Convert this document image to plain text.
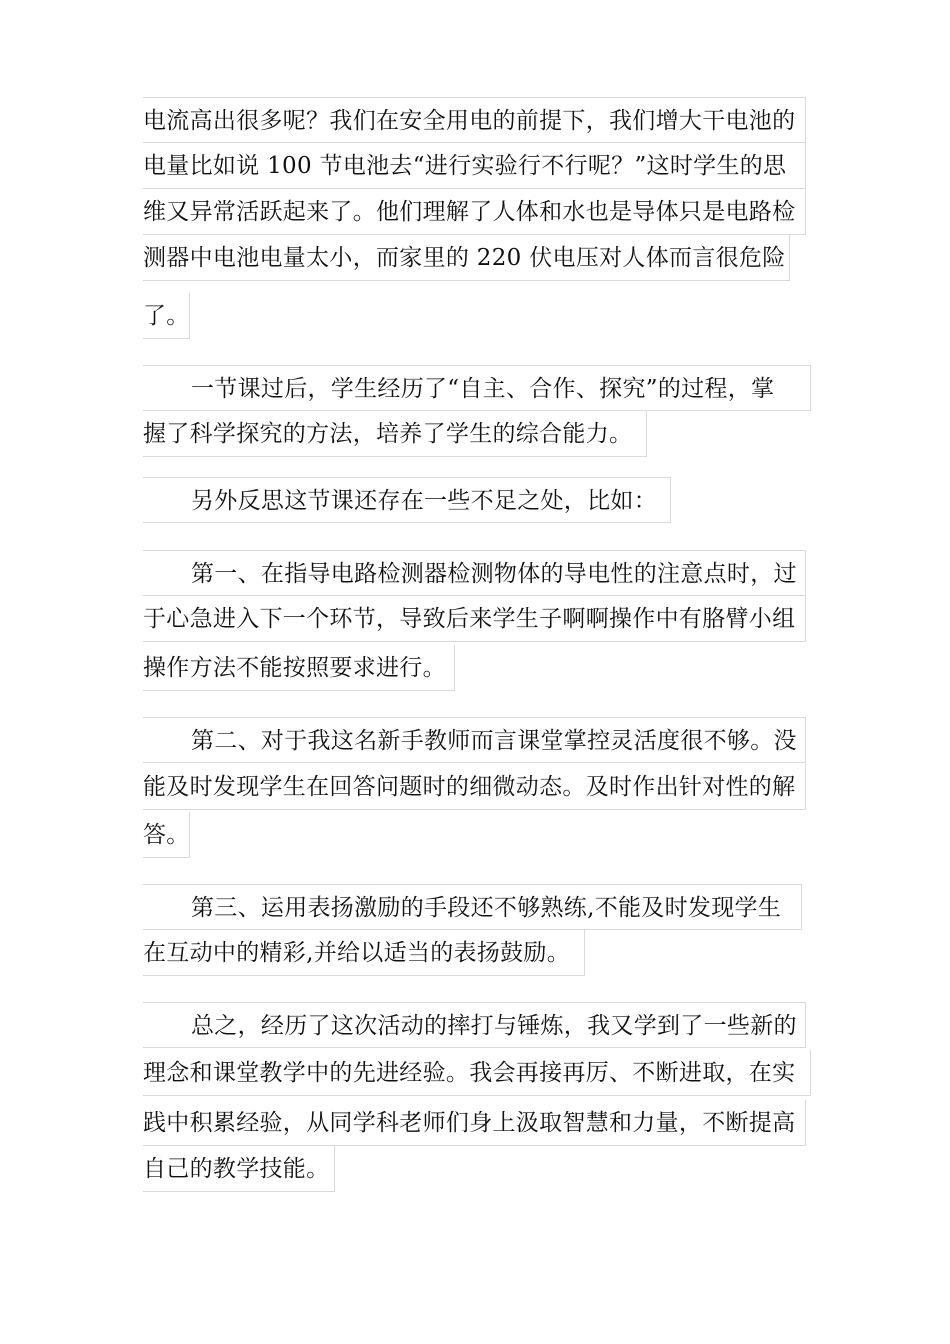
电流高出很多呢？我们在安全用电的前提下，我们增大干电池的
电量比如说 100 节电池去“进行实验行不行呢？”这时学生的思
维又异常活跃起来了。他们理解了人体和水也是导体只是电路检
测器中电池电量太小，而家里的 220 伏电压对人体而言很危险
了。
一节课过后，学生经历了“自主、合作、探究”的过程，掌
握了科学探究的方法，培养了学生的综合能力。
另外反思这节课还存在一些不足之处，比如：
第一、在指导电路检测器检测物体的导电性的注意点时，过
于心急进入下一个环节，导致后来学生子啊啊操作中有胳臂小组
操作方法不能按照要求进行。
第二、对于我这名新手教师而言课堂掌控灵活度很不够。没
能及时发现学生在回答问题时的细微动态。及时作出针对性的解
答。
第三、运用表扬激励的手段还不够熟练,不能及时发现学生
在互动中的精彩,并给以适当的表扬鼓励。
总之，经历了这次活动的摔打与锤炼，我又学到了一些新的
理念和课堂教学中的先进经验。我会再接再厉、不断进取，在实
践中积累经验，从同学科老师们身上汲取智慧和力量，不断提高
自己的教学技能。
